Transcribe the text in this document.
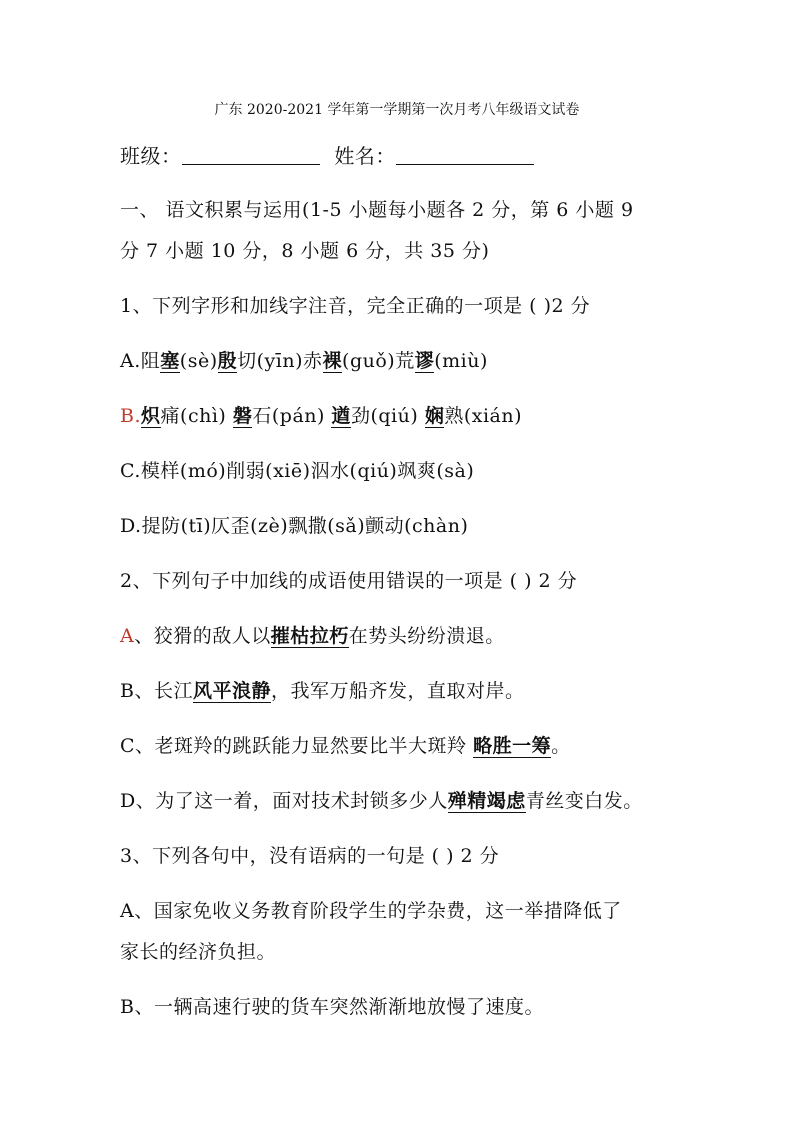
广东 2020-2021 学年第一学期第一次月考八年级语文试卷
班级：	姓名：
一、 语文积累与运用(1-5 小题每小题各 2 分，第 6 小题 9
分 7 小题 10 分，8 小题 6 分，共 35 分)
1、下列字形和加线字注音，完全正确的一项是 ( )2 分
A.阻塞(sè)殷切(yīn)赤裸(guǒ)荒谬(miù)
B.炽痛(chì) 磐石(pán) 遒劲(qiú) 娴熟(xián)
C.模样(mó)削弱(xiē)泅水(qiú)飒爽(sà)
D.提防(tī)仄歪(zè)飘撒(sǎ)颤动(chàn)
2、下列句子中加线的成语使用错误的一项是 ( ) 2 分
A、狡猾的敌人以摧枯拉朽在势头纷纷溃退。
B、长江风平浪静，我军万船齐发，直取对岸。
C、老斑羚的跳跃能力显然要比半大斑羚 略胜一筹。
D、为了这一着，面对技术封锁多少人殚精竭虑青丝变白发。
3、下列各句中，没有语病的一句是 ( ) 2 分
A、国家免收义务教育阶段学生的学杂费，这一举措降低了
家长的经济负担。
B、一辆高速行驶的货车突然渐渐地放慢了速度。
